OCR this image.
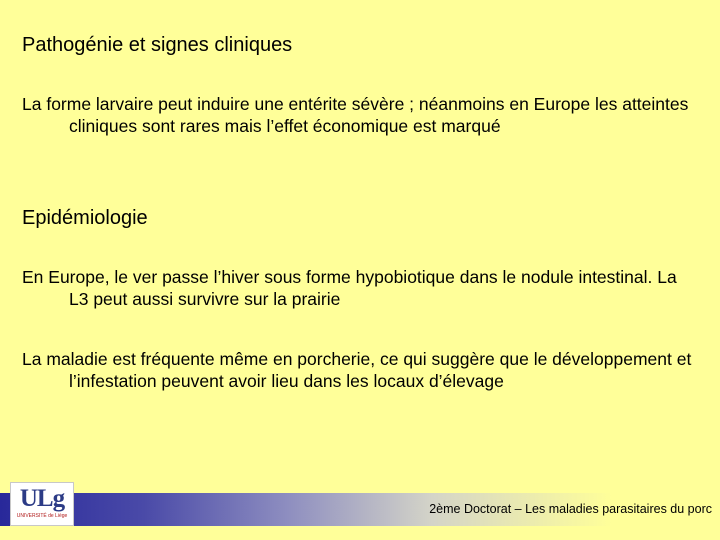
Pathogénie et signes cliniques
La forme larvaire peut induire une entérite sévère ; néanmoins en Europe les atteintes cliniques sont rares mais l’effet économique est marqué
Epidémiologie
En Europe, le ver passe l’hiver sous forme hypobiotique dans le nodule intestinal. La L3 peut aussi survivre sur la prairie
La maladie est fréquente même en porcherie, ce qui suggère que le développement et l’infestation peuvent avoir lieu dans les locaux d’élevage
ULg
UNIVERSITÉ de Liège	2ème Doctorat – Les maladies parasitaires du porc
